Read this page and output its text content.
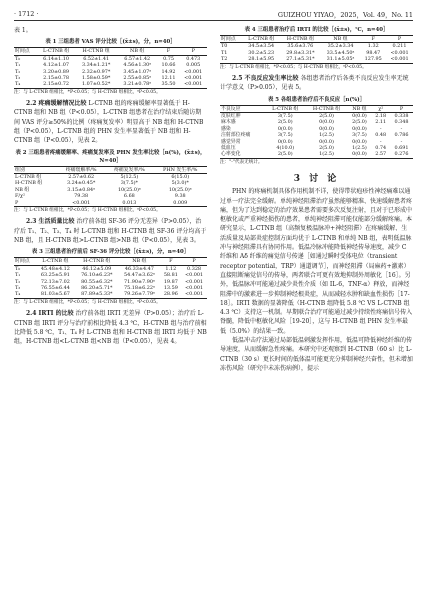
· 1712 ·	GUIZHOU YIYAO，2025，Vol. 49，No. 11

表 1。

表 1 三组患者 VAS 评分比较［(x̄±s)，分，n=40］
时间点	L-CTNB 组	H-CTNB 组	NB 组	F	P
T₀	6.14±1.10	6.52±1.41	6.57±1.42	0.75	0.473
T₁	4.12±1.07	3.34±1.21*	4.56±1.30ᵃ	10.66	0.005
T₂	3.20±0.89	2.32±0.97*	3.45±1.07ᵃ	14.92	<0.001
T₃	2.15±0.78	1.58±0.59*	2.55±0.85ᵃ	12.11	<0.001
T₄	2.15±0.72	1.07±0.52*	3.21±0.78ᵃ	35.50	<0.001
注：与 L-CTNB 组相比，*P<0.05；与 H-CTNB 组相比，ᵃP<0.05。

2.2 疼痛缓解情况比较 L-CTNB 组的疼痛缓解率显著低于 H-CTNB 组和 NB 组（P<0.05），L-CTNB 组患者在治疗结束后随访期间 VAS 评分≥50%的比例（疼痛复发率）明显高于 NB 组和 H-CTNB 组（P<0.05），L-CTNB 组的 PHN 发生率显著低于 NB 组和 H-CTNB 组（P<0.05），见表 2。

表 2 三组患者疼痛缓解率、疼痛复发率及 PHN 发生率比较［n(%)，(x̄±s)，N=40］
组别	疼痛缓解率/%	疼痛复发率/%	PHN 发生率/%
L-CTNB 组	2.57±0.62	5(12.5)	6(15.0)
H-CTNB 组	3.24±0.45*	3(7.5)*	5(3.0)*
NB 组	3.15±0.84ᵃ	10(25.0)ᵃ	10(25.0)ᵃ
F/χ²	79.38	6.68	9.38
P	<0.001	0.013	0.009
注：与 L-CTNB 组相比，*P<0.05；与 H-CTNB 组相比，ᵃP<0.05。

2.3 生活质量比较 治疗前各组 SF-36 评分无差异（P>0.05），治疗后 T₁、T₂、T₃、T₄ 时 L-CTNB 组和 H-CTNB 组 SF-36 评分均高于 NB 组，且 H-CTNB 组>L-CTNB 组>NB 组（P<0.05），见表 3。

表 3 三组患者治疗前后 SF-36 评分比较［(x̄±s)，分，n=40］
时间点	L-CTNB 组	H-CTNB 组	NB 组	F	P
T₀	45.48±4.12	46.12±5.09	46.33±4.47	1.12	0.328
T₁	63.25±5.91	76.10±6.23*	54.47±3.62ᵃ	58.81	<0.001
T₂	72.13±7.02	80.55±6.32*	71.90±7.90ᵃ	19.87	<0.001
T₃	76.55±6.44	86.20±5.71*	75.18±6.22ᵃ	13.59	<0.001
T₄	81.03±5.67	87.89±5.33*	79.26±7.79ᵃ	28.96	<0.001
注：与 L-CTNB 组相比，*P<0.05；与 H-CTNB 组相比，ᵃP<0.05。

2.4 IRTI 的比较 治疗前各组 IRTI 无差异（P>0.05）；治疗后 L-CTNB 组 IRTI 评分与治疗前相比降低 4.3 ℃，H-CTNB 组与治疗前相比降低 5.8 ℃，T₁、T₄ 时 L-CTNB 组和 H-CTNB 组 IRTI 均低于 NB 组，H-CTNB 组<L-CTNB 组<NB 组（P<0.05），见表 4。

表 4 三组患者治疗后 IRTI 的比较［(x̄±s)，℃，n=40］
时间点	L-CTNB 组	H-CTNB 组	NB 组	F	P
T0	34.5±3.54	35.6±3.76	35.2±3.34	1.32	0.211
T1	30.2±5.23	29.8±3.31*	33.5±4.50ᵃ	98.47	<0.001
T2	28.1±5.95	27.1±5.31*	31.1±5.05ᵃ	127.95	<0.001
注：与 L-CTNB 组相比，*P<0.05；与 H-CTNB 组相比，ᵃP<0.05。

2.5 不良反应发生率比较 各组患者治疗后各类不良反应发生率无统计学意义（P>0.05），见表 5。

表 5 各组患者治疗后不良反应［n(%)］
不良反应	L-CTNB 组	H-CTNB 组	NB 组	χ²	P
皮肤红肿	3(7.5)	2(5.0)	0(0.0)	2.18	0.338
麻木感	2(5.0)	0(0.0)	2(5.0)	2.11	0.348
感染	0(0.0)	0(0.0)	0(0.0)	-	-
注射部位疼痛	3(7.5)	1(2.5)	3(7.5)	0.48	0.786
感觉异常	0(0.0)	0(0.0)	0(0.0)	-	-
低血压	4(10.0)	2(5.0)	1(2.5)	0.74	0.691
心率变化	2(5.0)	1(2.5)	0(0.0)	2.57	0.276
注："-"代表无统计。
3 讨 论

PHN 的疼痛机制具体作用机制不详，使得带状疱疹性神经痛难以通过单一疗法完全缓解。单纯神经阻滞治疗虽然能够精准、快速缓解患者疼痛，但为了达到稳定的治疗效果患者需要多次反复注射，且对于已形成中枢敏化或严重神经损伤的患者，单纯神经阻滞可能仅能部分缓解疼痛。本研究显示，L-CTNB 组（高频复极温脉冲+神经阻滞）在疼痛缓解、生活质量及局部炎症控制方面均优于 L-CTNB 和单纯 NB 组，表明低温脉冲与神经阻滞具有协同作用。低温冷脉冲能降低神经传导速度，减少 C 纤维和 Aδ 纤维的痛觉信号传递［如通过瞬时受体电位（transient receptor potential，TRP）通道调节］，而神经阻滞（局麻药+激素）直接阻断痛觉信号的传导，两者联合可更有效地抑制外周敏化［16］。另外，低温脉冲可能通过减少炎性介质（如 IL-6，TNF-α）释放，而神经阻滞中的激素进一步抑制神经根炎症，从而减轻水肿和缺血性损伤［17-18］。IRTI 数据的显著降低（H-CTNB 组降低 5.8 ℃ VS L-CTNB 组 4.3 ℃）支持这一机制。早期联合治疗可能通过减少持续性疼痛信号传入脊髓，降低中枢敏化风险［19-20］，这与 H-CTNB 组 PHN 发生率最低（5.0%）的结果一致。

低温冲击疗法通过局部低温刺激发挥作用，低温可降低神经纤维的传导速度，从而缓解急性疼痛。本研究中还观察到 H-CTNB（60 s）比 L-CTNB（30 s）更长时间的低体温可能更充分抑制神经兴奋性，但未增加冻伤风险（研究中未冻伤病例），提示
